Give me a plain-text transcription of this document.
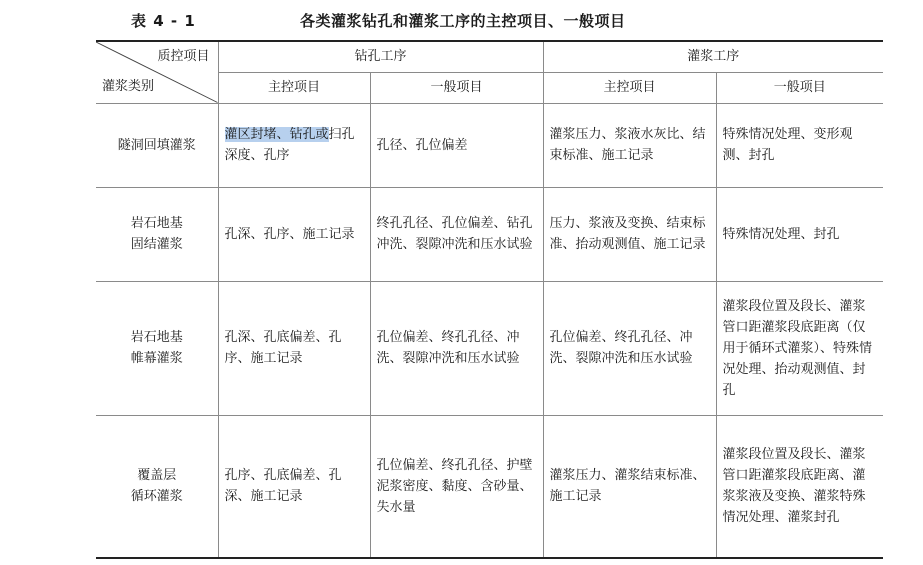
表 4 - 1	各类灌浆钻孔和灌浆工序的主控项目、一般项目
质控项目
灌浆类别	钻孔工序		灌浆工序	
	主控项目	一般项目	主控项目	一般项目
隧洞回填灌浆	灌区封堵、钻孔或扫孔深度、孔序	孔径、孔位偏差	灌浆压力、浆液水灰比、结束标准、施工记录	特殊情况处理、变形观测、封孔

岩石地基
固结灌浆	孔深、孔序、施工记录	终孔孔径、孔位偏差、钻孔冲洗、裂隙冲洗和压水试验	压力、浆液及变换、结束标准、抬动观测值、施工记录	特殊情况处理、封孔

岩石地基
帷幕灌浆	孔深、孔底偏差、孔序、施工记录	孔位偏差、终孔孔径、冲洗、裂隙冲洗和压水试验	孔位偏差、终孔孔径、冲洗、裂隙冲洗和压水试验	灌浆段位置及段长、灌浆管口距灌浆段底距离（仅用于循环式灌浆）、特殊情况处理、抬动观测值、封孔

覆盖层
循环灌浆	孔序、孔底偏差、孔深、施工记录	孔位偏差、终孔孔径、护壁泥浆密度、黏度、含砂量、失水量	灌浆压力、灌浆结束标准、施工记录	灌浆段位置及段长、灌浆管口距灌浆段底距离、灌浆浆液及变换、灌浆特殊情况处理、灌浆封孔
